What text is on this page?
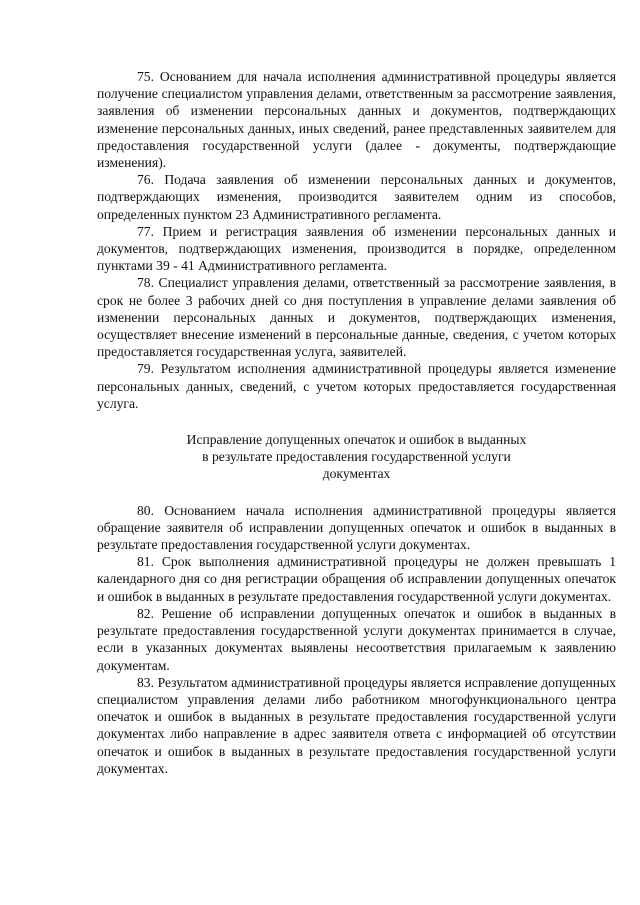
75. Основанием для начала исполнения административной процедуры является получение специалистом управления делами, ответственным за рассмотрение заявления, заявления об изменении персональных данных и документов, подтверждающих изменение персональных данных, иных сведений, ранее представленных заявителем для предоставления государственной услуги (далее - документы, подтверждающие изменения).

76. Подача заявления об изменении персональных данных и документов, подтверждающих изменения, производится заявителем одним из способов, определенных пунктом 23 Административного регламента.

77. Прием и регистрация заявления об изменении персональных данных и документов, подтверждающих изменения, производится в порядке, определенном пунктами 39 - 41 Административного регламента.

78. Специалист управления делами, ответственный за рассмотрение заявления, в срок не более 3 рабочих дней со дня поступления в управление делами заявления об изменении персональных данных и документов, подтверждающих изменения, осуществляет внесение изменений в персональные данные, сведения, с учетом которых предоставляется государственная услуга, заявителей.

79. Результатом исполнения административной процедуры является изменение персональных данных, сведений, с учетом которых предоставляется государственная услуга.

Исправление допущенных опечаток и ошибок в выданных
в результате предоставления государственной услуги
документах

80. Основанием начала исполнения административной процедуры является обращение заявителя об исправлении допущенных опечаток и ошибок в выданных в результате предоставления государственной услуги документах.

81. Срок выполнения административной процедуры не должен превышать 1 календарного дня со дня регистрации обращения об исправлении допущенных опечаток и ошибок в выданных в результате предоставления государственной услуги документах.

82. Решение об исправлении допущенных опечаток и ошибок в выданных в результате предоставления государственной услуги документах принимается в случае, если в указанных документах выявлены несоответствия прилагаемым к заявлению документам.

83. Результатом административной процедуры является исправление допущенных специалистом управления делами либо работником многофункционального центра опечаток и ошибок в выданных в результате предоставления государственной услуги документах либо направление в адрес заявителя ответа с информацией об отсутствии опечаток и ошибок в выданных в результате предоставления государственной услуги документах.
